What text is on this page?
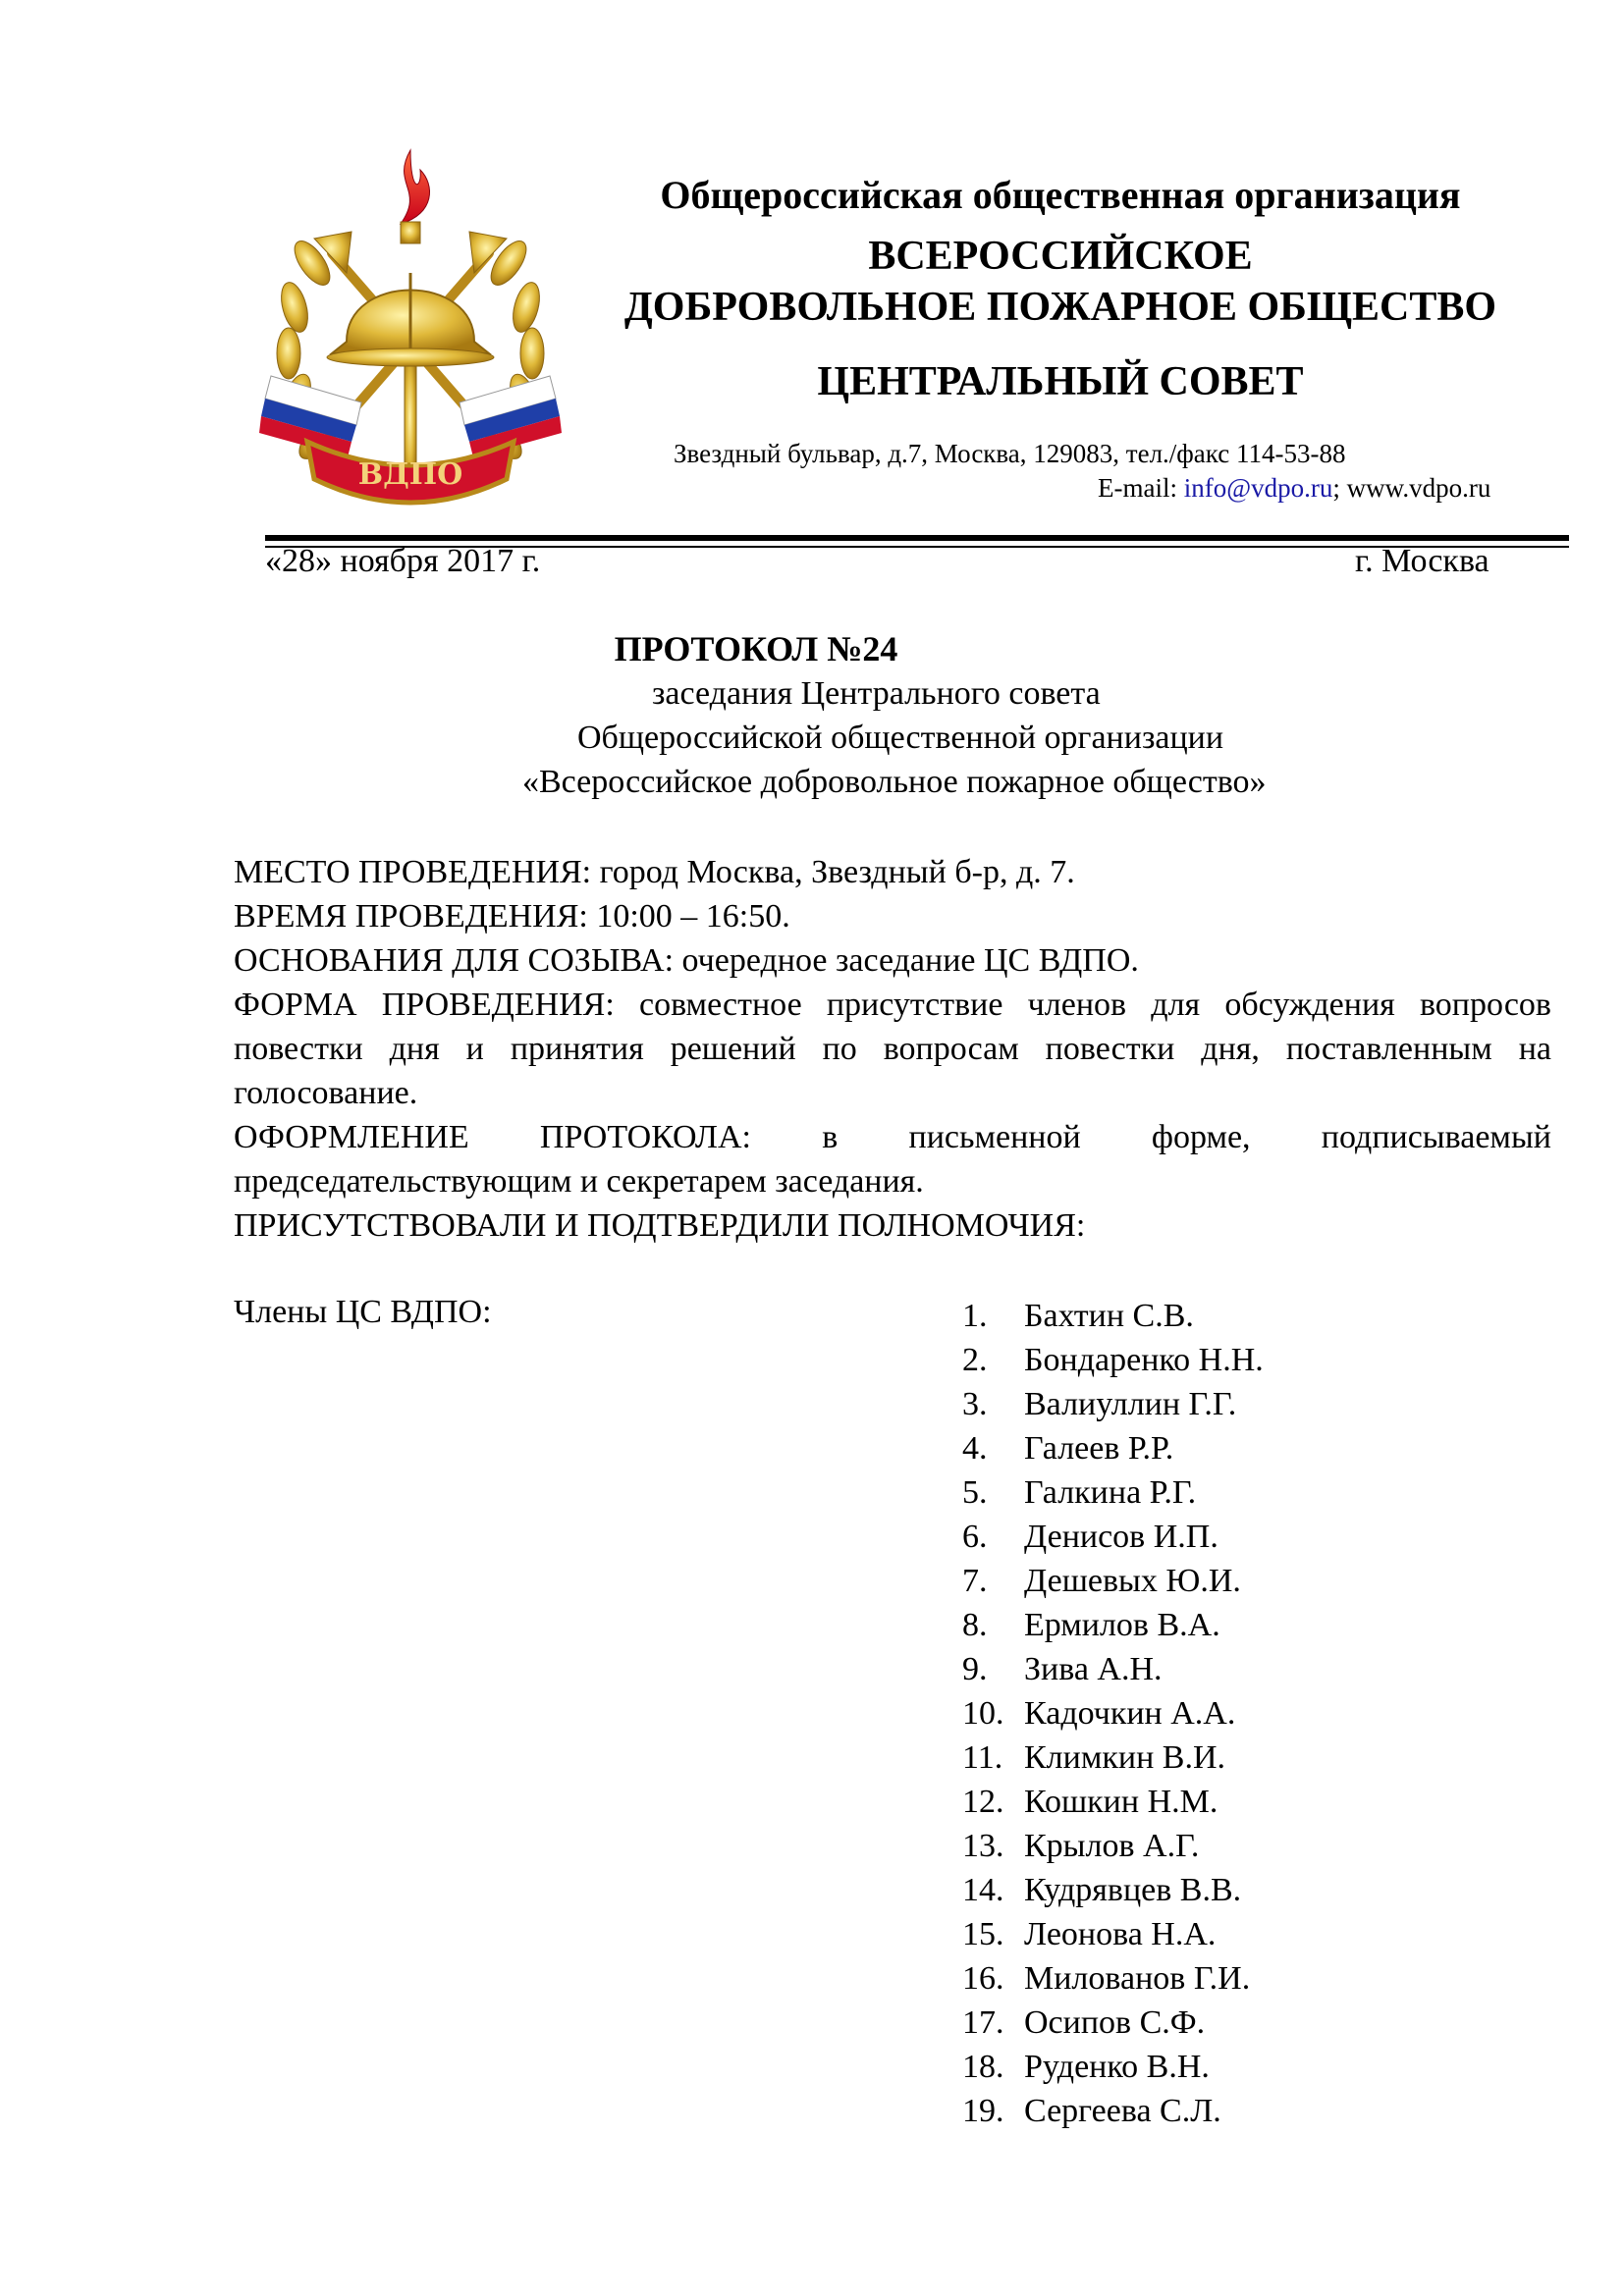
ВДПО
Общероссийская общественная организация
ВСЕРОССИЙСКОЕ
ДОБРОВОЛЬНОЕ ПОЖАРНОЕ ОБЩЕСТВО
ЦЕНТРАЛЬНЫЙ СОВЕТ
Звездный бульвар, д.7, Москва, 129083, тел./факс 114-53-88
E-mail: info@vdpo.ru; www.vdpo.ru
«28» ноября 2017 г.	г. Москва
ПРОТОКОЛ №24
заседания Центрального совета
Общероссийской общественной организации
«Всероссийское добровольное пожарное общество»

МЕСТО ПРОВЕДЕНИЯ: город Москва, Звездный б-р, д. 7.

ВРЕМЯ ПРОВЕДЕНИЯ: 10:00 – 16:50.

ОСНОВАНИЯ ДЛЯ СОЗЫВА: очередное заседание ЦС ВДПО.

ФОРМА ПРОВЕДЕНИЯ: совместное присутствие членов для обсуждения вопросов повестки дня и принятия решений по вопросам повестки дня, поставленным на голосование.

ОФОРМЛЕНИЕ ПРОТОКОЛА: в письменной форме, подписываемый председательствующим и секретарем заседания.

ПРИСУТСТВОВАЛИ И ПОДТВЕРДИЛИ ПОЛНОМОЧИЯ:

Члены ЦС ВДПО:	1.	Бахтин С.В.
2.	Бондаренко Н.Н.
3.	Валиуллин Г.Г.
4.	Галеев Р.Р.
5.	Галкина Р.Г.
6.	Денисов И.П.
7.	Дешевых Ю.И.
8.	Ермилов В.А.
9.	Зива А.Н.
10. Кадочкин А.А.
11. Климкин В.И.
12. Кошкин Н.М.
13. Крылов А.Г.
14. Кудрявцев В.В.
15. Леонова Н.А.
16. Милованов Г.И.
17. Осипов С.Ф.
18. Руденко В.Н.
19. Сергеева С.Л.
